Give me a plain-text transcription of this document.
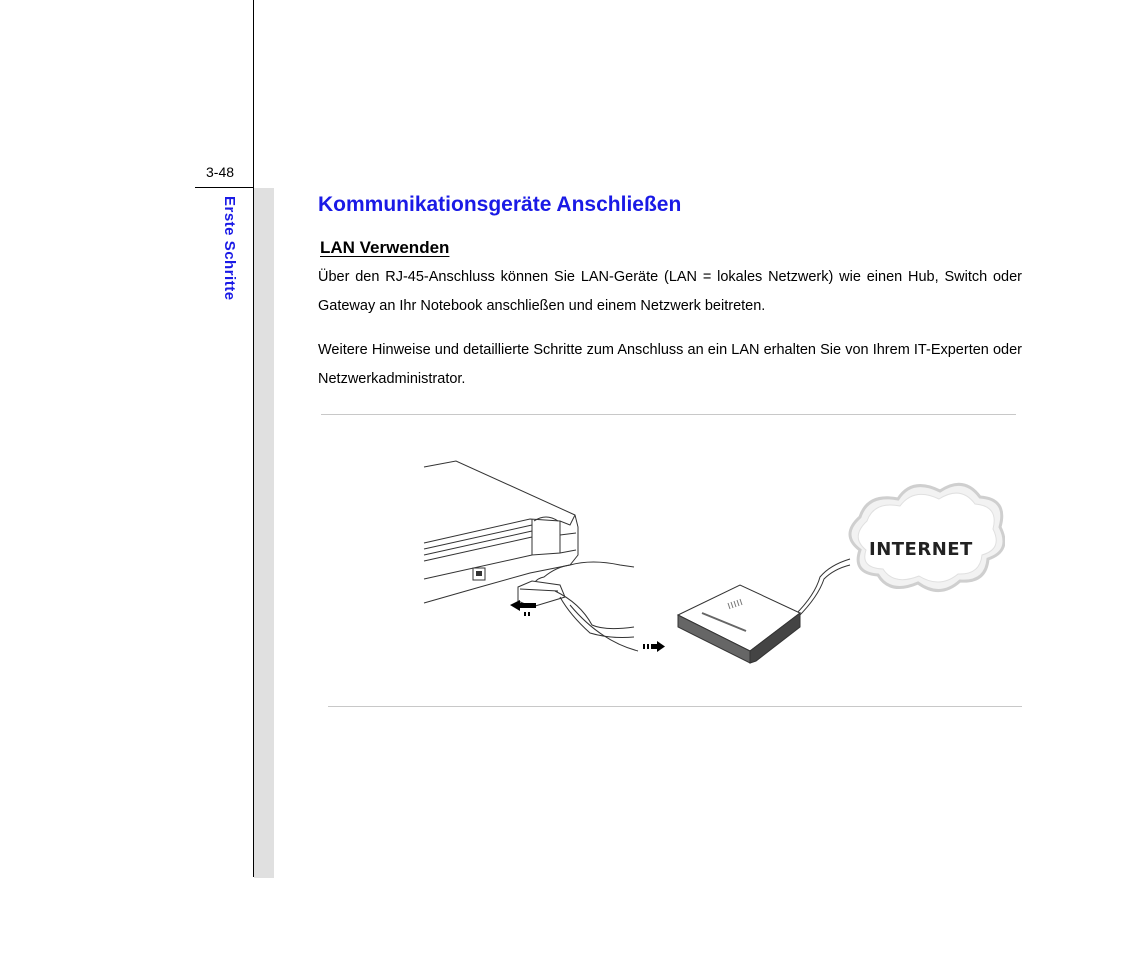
3-48
Erste Schritte	Kommunikationsgeräte Anschließen
LAN Verwenden
Über den RJ-45-Anschluss können Sie LAN-Geräte (LAN = lokales Netzwerk) wie einen Hub, Switch oder Gateway an Ihr Notebook anschließen und einem Netzwerk beitreten.
Weitere Hinweise und detaillierte Schritte zum Anschluss an ein LAN erhalten Sie von Ihrem IT-Experten oder Netzwerkadministrator.
INTERNET
